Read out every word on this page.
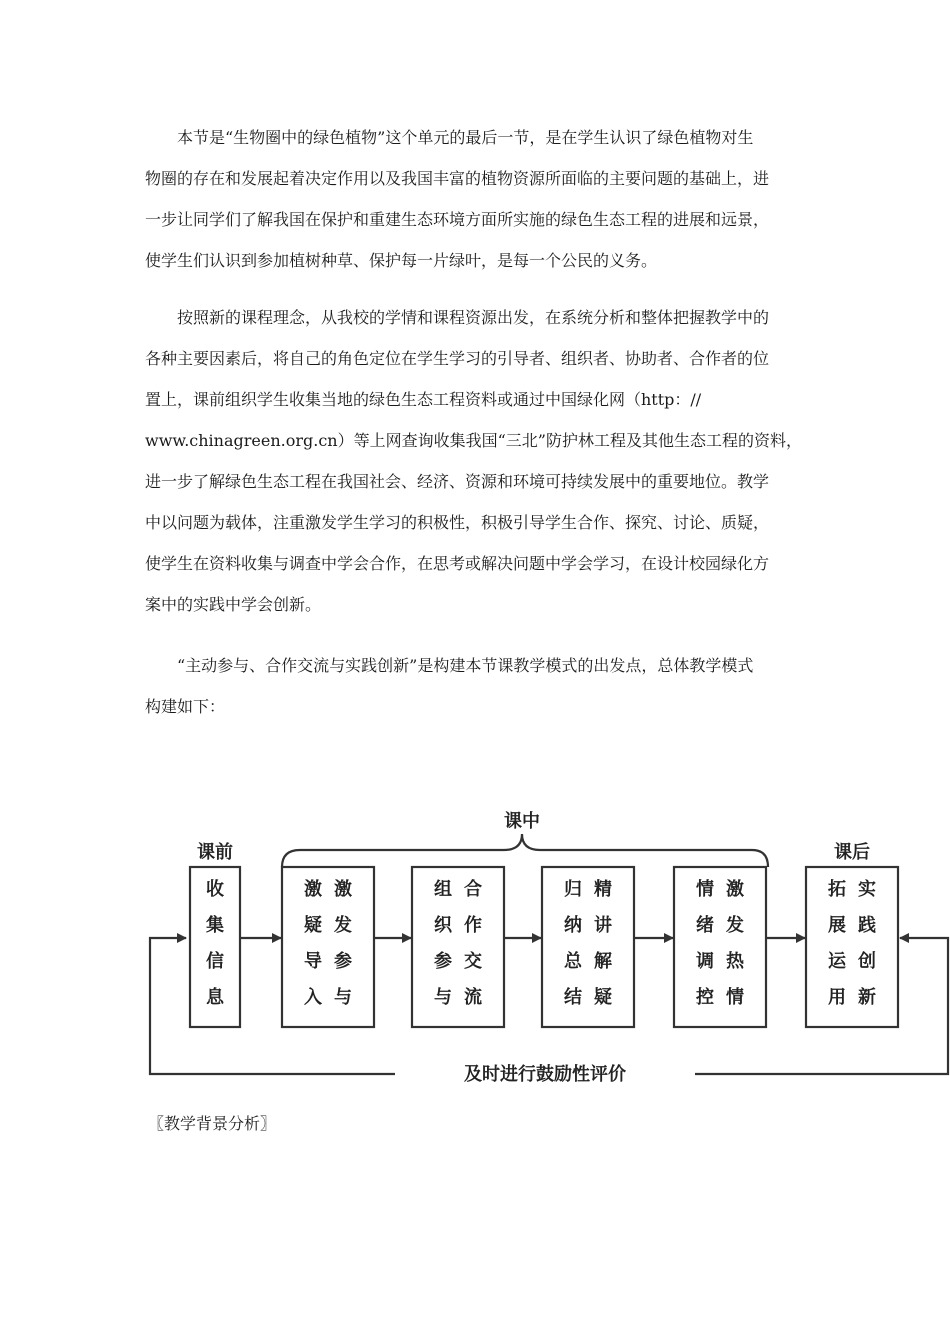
本节是“生物圈中的绿色植物”这个单元的最后一节，是在学生认识了绿色植物对生
物圈的存在和发展起着决定作用以及我国丰富的植物资源所面临的主要问题的基础上，进
一步让同学们了解我国在保护和重建生态环境方面所实施的绿色生态工程的进展和远景，
使学生们认识到参加植树种草、保护每一片绿叶，是每一个公民的义务。
按照新的课程理念，从我校的学情和课程资源出发，在系统分析和整体把握教学中的
各种主要因素后，将自己的角色定位在学生学习的引导者、组织者、协助者、合作者的位
置上，课前组织学生收集当地的绿色生态工程资料或通过中国绿化网（http：//
www.chinagreen.org.cn）等上网查询收集我国“三北”防护林工程及其他生态工程的资料，
进一步了解绿色生态工程在我国社会、经济、资源和环境可持续发展中的重要地位。教学
中以问题为载体，注重激发学生学习的积极性，积极引导学生合作、探究、讨论、质疑，
使学生在资料收集与调查中学会合作，在思考或解决问题中学会学习，在设计校园绿化方
案中的实践中学会创新。
“主动参与、合作交流与实践创新”是构建本节课教学模式的出发点，总体教学模式
构建如下：
课前
课中
课后
收
集
信
息
激
疑
导
入
激
发
参
与
组
织
参
与
合
作
交
流
归
纳
总
结
精
讲
解
疑
情
绪
调
控
激
发
热
情
拓
展
运
用
实
践
创
新
及时进行鼓励性评价

〖教学背景分析〗
